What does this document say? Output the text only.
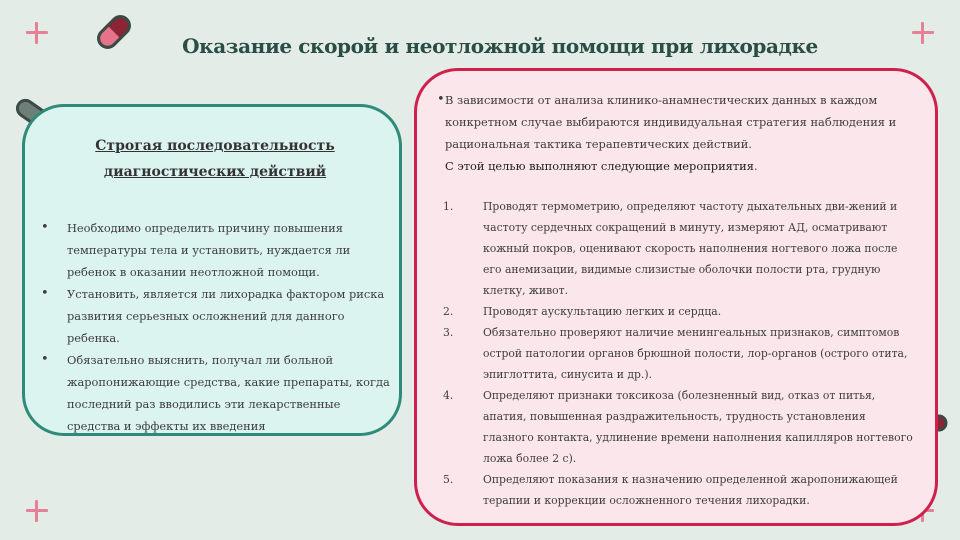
Оказание скорой и неотложной помощи при лихорадке
Строгая последовательность диагностических действий
• Необходимо определить причину повышения температуры тела и установить, нуждается ли ребенок в оказании неотложной помощи.
• Установить, является ли лихорадка фактором риска развития серьезных осложнений для данного ребенка.
• Обязательно выяснить, получал ли больной жаропонижающие средства, какие препараты, когда последний раз вводились эти лекарственные средства и эффекты их введения
• В зависимости от анализа клинико-анамнестических данных в каждом конкретном случае выбираются индивидуальная стратегия наблюдения и рациональная тактика терапевтических действий.
С этой целью выполняют следующие мероприятия.
1.	Проводят термометрию, определяют частоту дыхательных дви-жений и частоту сердечных сокращений в минуту, измеряют АД, осматривают кожный покров, оценивают скорость наполнения ногтевого ложа после его анемизации, видимые слизистые оболочки полости рта, грудную клетку, живот.
2.	Проводят аускультацию легких и сердца.
3.	Обязательно проверяют наличие менингеальных признаков, симптомов острой патологии органов брюшной полости, лор-органов (острого отита, эпиглоттита, синусита и др.).
4.	Определяют признаки токсикоза (болезненный вид, отказ от питья, апатия, повышенная раздражительность, трудность установления глазного контакта, удлинение времени наполнения капилляров ногтевого ложа более 2 с).
5.	Определяют показания к назначению определенной жаропонижающей терапии и коррекции осложненного течения лихорадки.
